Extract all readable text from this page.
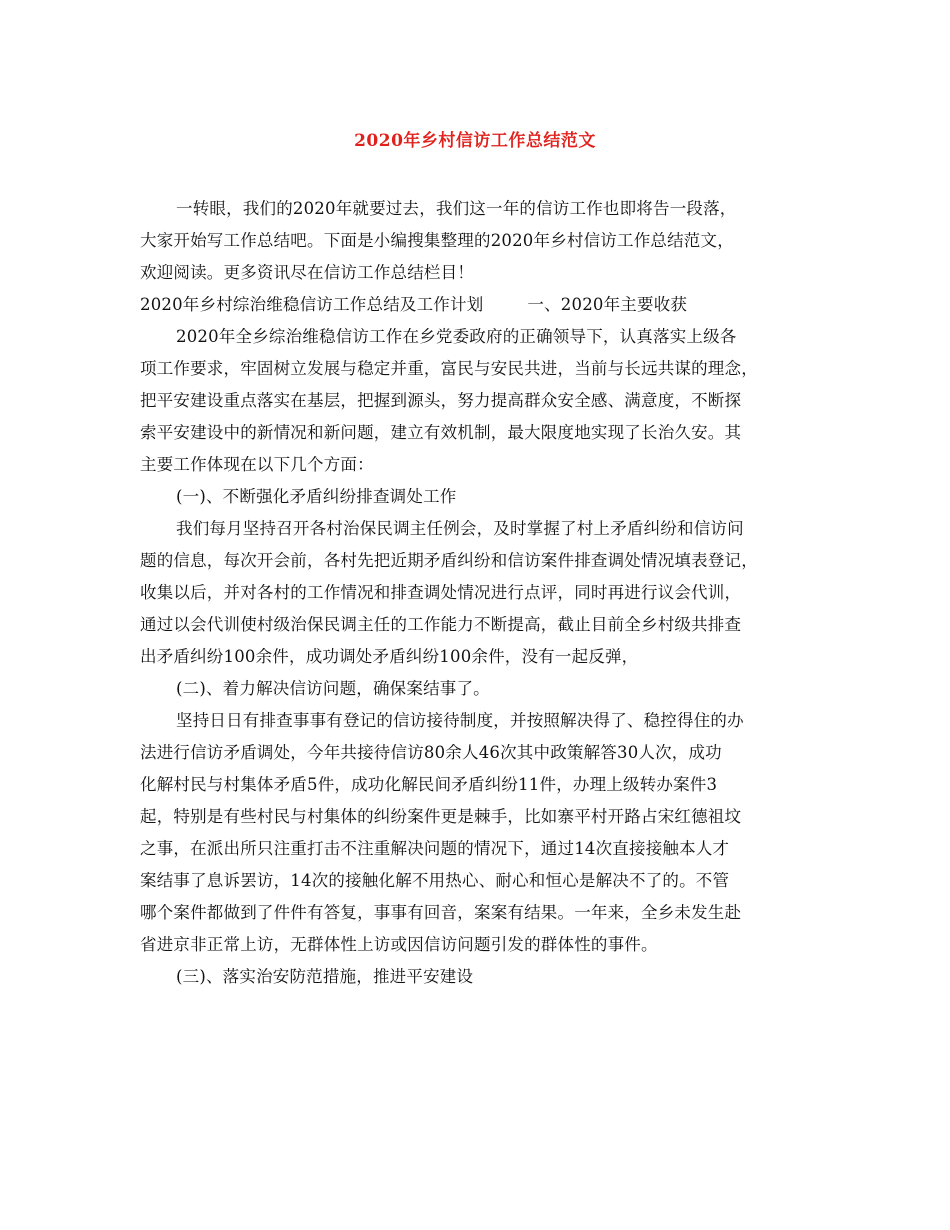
2020年乡村信访工作总结范文
一转眼，我们的2020年就要过去，我们这一年的信访工作也即将告一段落，
大家开始写工作总结吧。下面是小编搜集整理的2020年乡村信访工作总结范文，
欢迎阅读。更多资讯尽在信访工作总结栏目！
2020年乡村综治维稳信访工作总结及工作计划	一、2020年主要收获
2020年全乡综治维稳信访工作在乡党委政府的正确领导下，认真落实上级各
项工作要求，牢固树立发展与稳定并重，富民与安民共进，当前与长远共谋的理念，
把平安建设重点落实在基层，把握到源头，努力提高群众安全感、满意度，不断探
索平安建设中的新情况和新问题，建立有效机制，最大限度地实现了长治久安。其
主要工作体现在以下几个方面：
(一)、不断强化矛盾纠纷排查调处工作
我们每月坚持召开各村治保民调主任例会，及时掌握了村上矛盾纠纷和信访问
题的信息，每次开会前，各村先把近期矛盾纠纷和信访案件排查调处情况填表登记，
收集以后，并对各村的工作情况和排查调处情况进行点评，同时再进行议会代训，
通过以会代训使村级治保民调主任的工作能力不断提高，截止目前全乡村级共排查
出矛盾纠纷100余件，成功调处矛盾纠纷100余件，没有一起反弹，
(二)、着力解决信访问题，确保案结事了。
坚持日日有排查事事有登记的信访接待制度，并按照解决得了、稳控得住的办
法进行信访矛盾调处，今年共接待信访80余人46次其中政策解答30人次，成功
化解村民与村集体矛盾5件，成功化解民间矛盾纠纷11件，办理上级转办案件3
起，特别是有些村民与村集体的纠纷案件更是棘手，比如寨平村开路占宋红德祖坟
之事，在派出所只注重打击不注重解决问题的情况下，通过14次直接接触本人才
案结事了息诉罢访，14次的接触化解不用热心、耐心和恒心是解决不了的。不管
哪个案件都做到了件件有答复，事事有回音，案案有结果。一年来，全乡未发生赴
省进京非正常上访，无群体性上访或因信访问题引发的群体性的事件。
(三)、落实治安防范措施，推进平安建设
